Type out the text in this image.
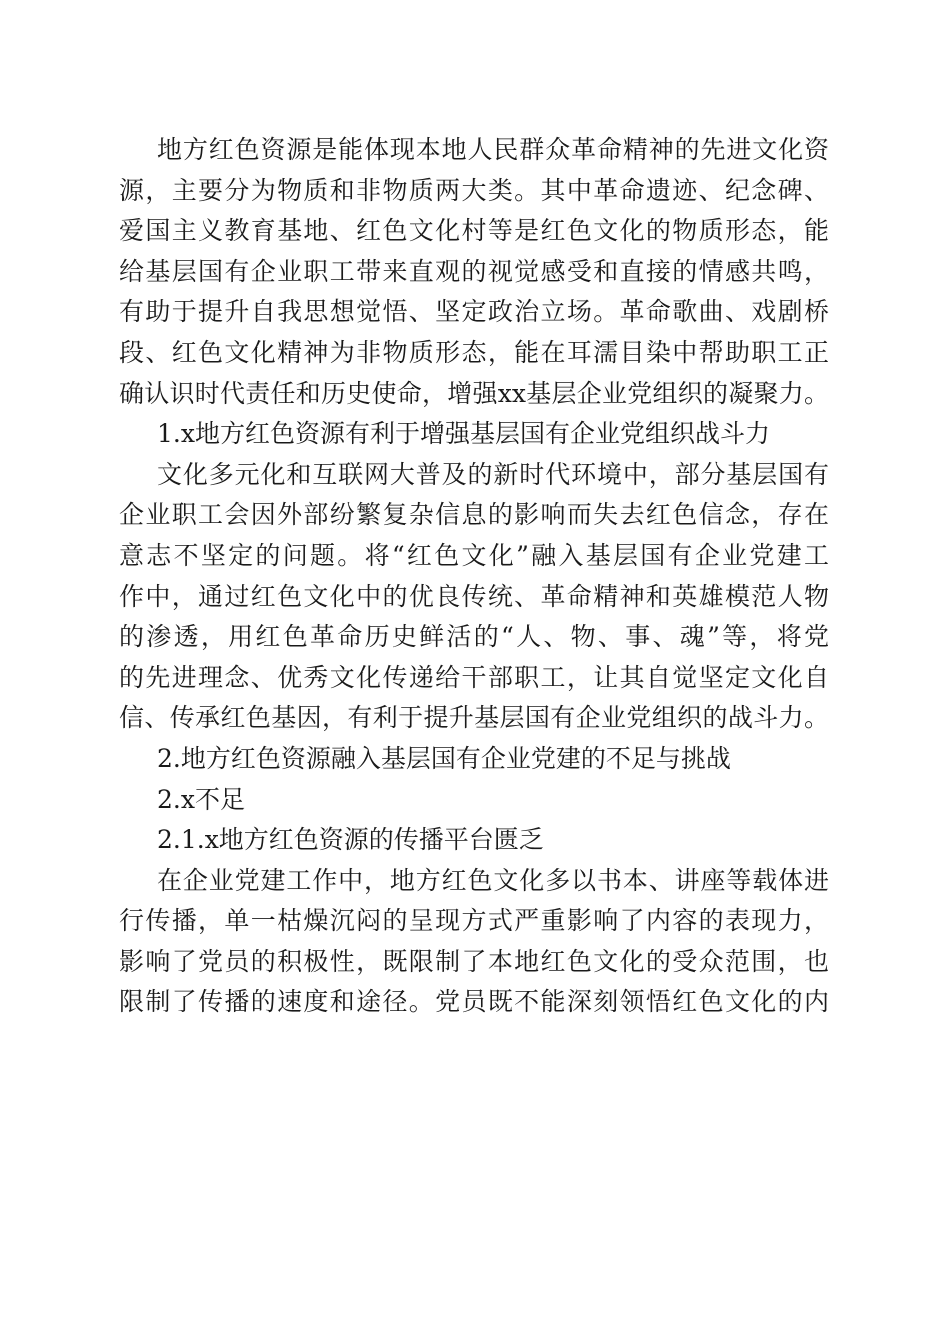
地方红色资源是能体现本地人民群众革命精神的先进文化资
源，主要分为物质和非物质两大类。其中革命遗迹、纪念碑、
爱国主义教育基地、红色文化村等是红色文化的物质形态，能
给基层国有企业职工带来直观的视觉感受和直接的情感共鸣，
有助于提升自我思想觉悟、坚定政治立场。革命歌曲、戏剧桥
段、红色文化精神为非物质形态，能在耳濡目染中帮助职工正
确认识时代责任和历史使命，增强xx基层企业党组织的凝聚力。
1.x地方红色资源有利于增强基层国有企业党组织战斗力
文化多元化和互联网大普及的新时代环境中，部分基层国有
企业职工会因外部纷繁复杂信息的影响而失去红色信念，存在
意志不坚定的问题。将“红色文化”融入基层国有企业党建工
作中，通过红色文化中的优良传统、革命精神和英雄模范人物
的渗透，用红色革命历史鲜活的“人、物、事、魂”等，将党
的先进理念、优秀文化传递给干部职工，让其自觉坚定文化自
信、传承红色基因，有利于提升基层国有企业党组织的战斗力。
2.地方红色资源融入基层国有企业党建的不足与挑战
2.x不足
2.1.x地方红色资源的传播平台匮乏
在企业党建工作中，地方红色文化多以书本、讲座等载体进
行传播，单一枯燥沉闷的呈现方式严重影响了内容的表现力，
影响了党员的积极性，既限制了本地红色文化的受众范围，也
限制了传播的速度和途径。党员既不能深刻领悟红色文化的内
